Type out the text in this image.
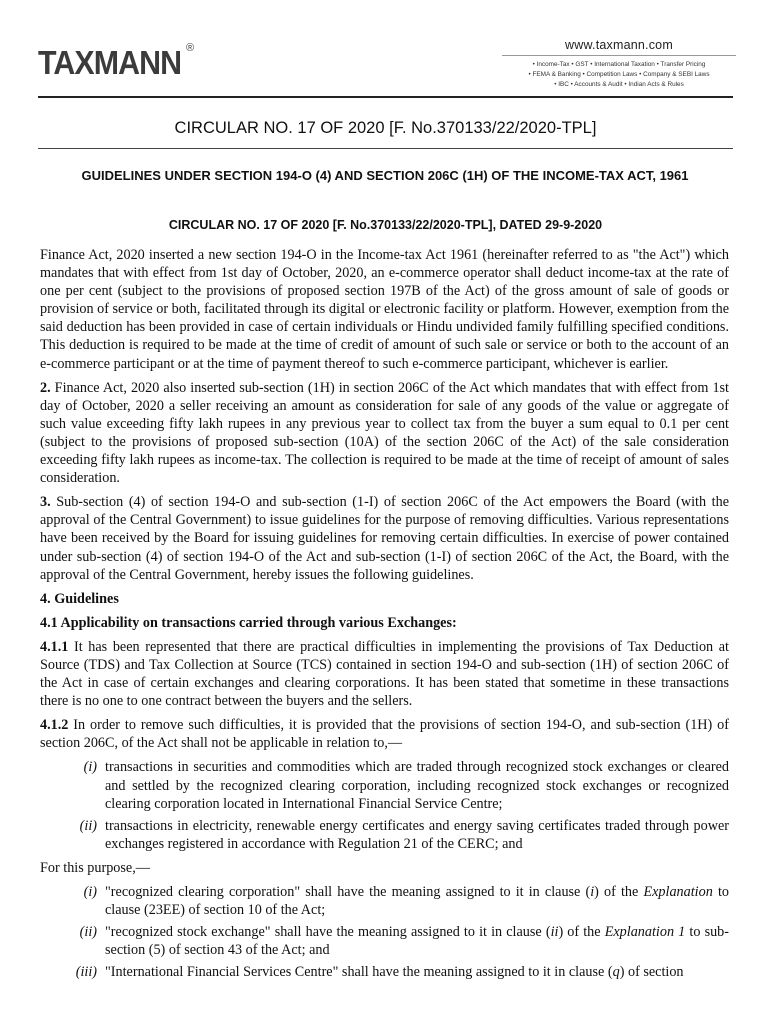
TAXMANN ®	www.taxmann.com
• Income-Tax • GST • International Taxation • Transfer Pricing
• FEMA & Banking • Competition Laws • Company & SEBI Laws
• IBC • Accounts & Audit • Indian Acts & Rules
CIRCULAR NO. 17 OF 2020 [F. No.370133/22/2020-TPL]
GUIDELINES UNDER SECTION 194-O (4) AND SECTION 206C (1H) OF THE INCOME-TAX ACT, 1961
CIRCULAR NO. 17 OF 2020 [F. No.370133/22/2020-TPL], DATED 29-9-2020

Finance Act, 2020 inserted a new section 194-O in the Income-tax Act 1961 (hereinafter referred to as "the Act") which mandates that with effect from 1st day of October, 2020, an e-commerce operator shall deduct income-tax at the rate of one per cent (subject to the provisions of proposed section 197B of the Act) of the gross amount of sale of goods or provision of service or both, facilitated through its digital or electronic facility or platform. However, exemption from the said deduction has been provided in case of certain individuals or Hindu undivided family fulfilling specified conditions. This deduction is required to be made at the time of credit of amount of such sale or service or both to the account of an e-commerce participant or at the time of payment thereof to such e-commerce participant, whichever is earlier.

2. Finance Act, 2020 also inserted sub-section (1H) in section 206C of the Act which mandates that with effect from 1st day of October, 2020 a seller receiving an amount as consideration for sale of any goods of the value or aggregate of such value exceeding fifty lakh rupees in any previous year to collect tax from the buyer a sum equal to 0.1 per cent (subject to the provisions of proposed sub-section (10A) of the section 206C of the Act) of the sale consideration exceeding fifty lakh rupees as income-tax. The collection is required to be made at the time of receipt of amount of sales consideration.

3. Sub-section (4) of section 194-O and sub-section (1-I) of section 206C of the Act empowers the Board (with the approval of the Central Government) to issue guidelines for the purpose of removing difficulties. Various representations have been received by the Board for issuing guidelines for removing certain difficulties. In exercise of power contained under sub-section (4) of section 194-O of the Act and sub-section (1-I) of section 206C of the Act, the Board, with the approval of the Central Government, hereby issues the following guidelines.

4. Guidelines

4.1 Applicability on transactions carried through various Exchanges:

4.1.1 It has been represented that there are practical difficulties in implementing the provisions of Tax Deduction at Source (TDS) and Tax Collection at Source (TCS) contained in section 194-O and sub-section (1H) of section 206C of the Act in case of certain exchanges and clearing corporations. It has been stated that sometime in these transactions there is no one to one contract between the buyers and the sellers.

4.1.2 In order to remove such difficulties, it is provided that the provisions of section 194-O, and sub-section (1H) of section 206C, of the Act shall not be applicable in relation to,—

(i) transactions in securities and commodities which are traded through recognized stock exchanges or cleared and settled by the recognized clearing corporation, including recognized stock exchanges or recognized clearing corporation located in International Financial Service Centre;
(ii) transactions in electricity, renewable energy certificates and energy saving certificates traded through power exchanges registered in accordance with Regulation 21 of the CERC; and

For this purpose,—

(i) "recognized clearing corporation" shall have the meaning assigned to it in clause (i) of the Explanation to clause (23EE) of section 10 of the Act;
(ii) "recognized stock exchange" shall have the meaning assigned to it in clause (ii) of the Explanation 1 to sub-section (5) of section 43 of the Act; and
(iii) "International Financial Services Centre" shall have the meaning assigned to it in clause (q) of section
